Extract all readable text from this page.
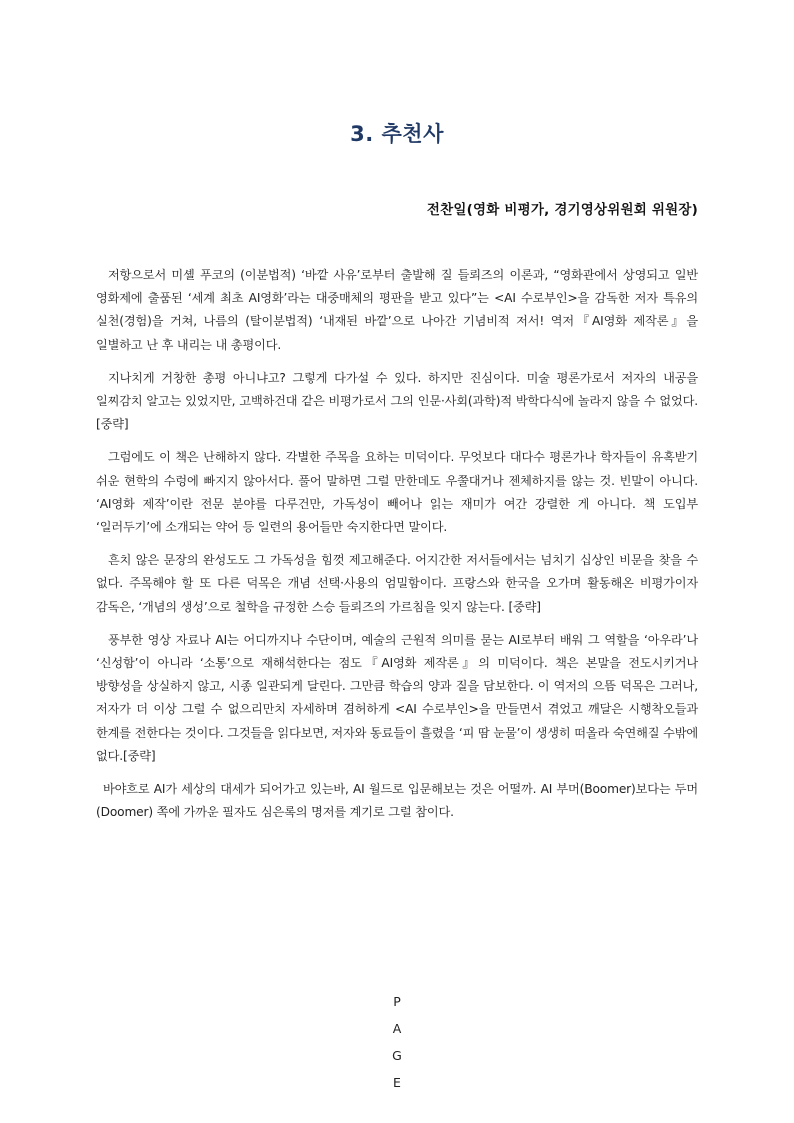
3. 추천사
전찬일(영화 비평가, 경기영상위원회 위원장)

저항으로서 미셸 푸코의 (이분법적) ‘바깥 사유’로부터 출발해 질 들뢰즈의 이론과, “영화관에서 상영되고 일반 영화제에 출품된 ‘세계 최초 AI영화’라는 대중매체의 평판을 받고 있다”는 <AI 수로부인>을 감독한 저자 특유의 실천(경험)을 거쳐, 나름의 (탈이분법적) ‘내재된 바깥’으로 나아간 기념비적 저서! 역저『AI영화 제작론』을 일별하고 난 후 내리는 내 총평이다.

지나치게 거창한 총평 아니냐고? 그렇게 다가설 수 있다. 하지만 진심이다. 미술 평론가로서 저자의 내공을 일찌감치 알고는 있었지만, 고백하건대 같은 비평가로서 그의 인문·사회(과학)적 박학다식에 놀라지 않을 수 없었다. [중략]

그럼에도 이 책은 난해하지 않다. 각별한 주목을 요하는 미덕이다. 무엇보다 대다수 평론가나 학자들이 유혹받기 쉬운 현학의 수렁에 빠지지 않아서다. 풀어 말하면 그럴 만한데도 우쭐대거나 젠체하지를 않는 것. 빈말이 아니다. ‘AI영화 제작’이란 전문 분야를 다루건만, 가독성이 빼어나 읽는 재미가 여간 강렬한 게 아니다. 책 도입부 ‘일러두기’에 소개되는 약어 등 일련의 용어들만 숙지한다면 말이다.

흔치 않은 문장의 완성도도 그 가독성을 힘껏 제고해준다. 어지간한 저서들에서는 넘치기 십상인 비문을 찾을 수 없다. 주목해야 할 또 다른 덕목은 개념 선택·사용의 엄밀함이다. 프랑스와 한국을 오가며 활동해온 비평가이자 감독은, ‘개념의 생성’으로 철학을 규정한 스승 들뢰즈의 가르침을 잊지 않는다. [중략]

풍부한 영상 자료나 AI는 어디까지나 수단이며, 예술의 근원적 의미를 묻는 AI로부터 배워 그 역할을 ‘아우라’나 ‘신성함’이 아니라 ‘소통’으로 재해석한다는 점도『AI영화 제작론』의 미덕이다. 책은 본말을 전도시키거나 방향성을 상실하지 않고, 시종 일관되게 달린다. 그만큼 학습의 양과 질을 담보한다. 이 역저의 으뜸 덕목은 그러나, 저자가 더 이상 그럴 수 없으리만치 자세하며 겸허하게 <AI 수로부인>을 만들면서 겪었고 깨달은 시행착오들과 한계를 전한다는 것이다. 그것들을 읽다보면, 저자와 동료들이 흘렸을 ‘피 땀 눈물’이 생생히 떠올라 숙연해질 수밖에 없다.[중략]

바야흐로 AI가 세상의 대세가 되어가고 있는바, AI 월드로 입문해보는 것은 어떨까. AI 부머(Boomer)보다는 두머(Doomer) 쪽에 가까운 필자도 심은록의 명저를 계기로 그럴 참이다.

P
A
G
E
